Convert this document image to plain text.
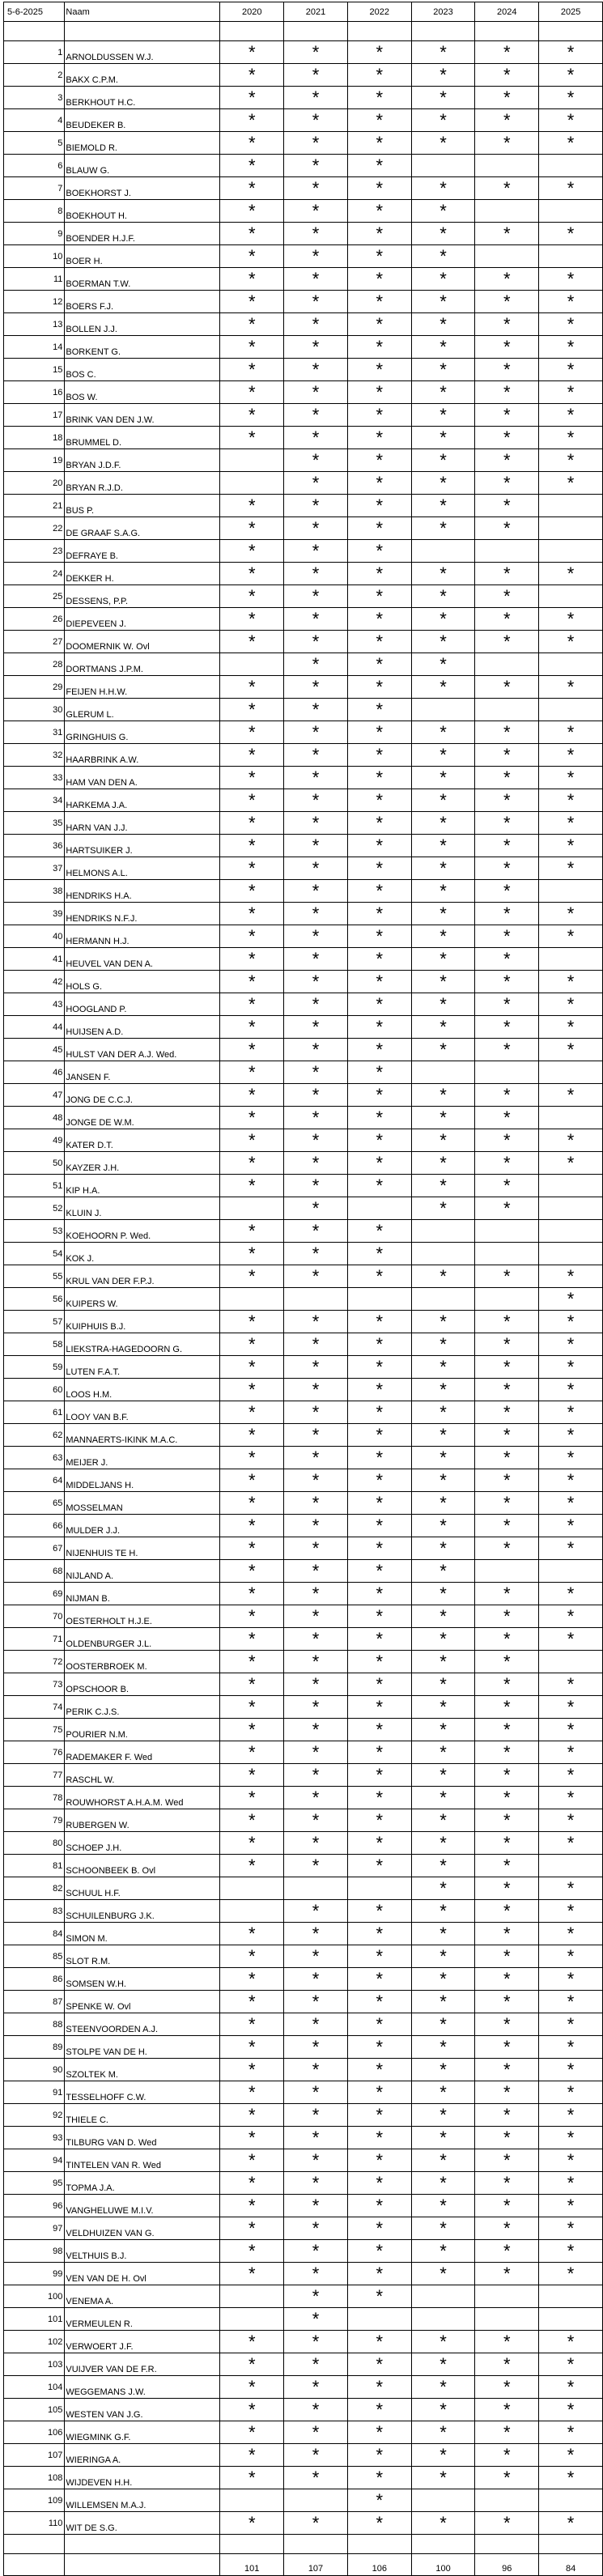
5-6-2025	Naam	2020	2021	2022	2023	2024	2025

1	ARNOLDUSSEN W.J.	*	*	*	*	*	*
2	BAKX C.P.M.	*	*	*	*	*	*
3	BERKHOUT H.C.	*	*	*	*	*	*
4	BEUDEKER B.	*	*	*	*	*	*
5	BIEMOLD R.	*	*	*	*	*	*
6	BLAUW G.	*	*	*			
7	BOEKHORST J.	*	*	*	*	*	*
8	BOEKHOUT H.	*	*	*	*		
9	BOENDER H.J.F.	*	*	*	*	*	*
10	BOER H.	*	*	*	*		
11	BOERMAN T.W.	*	*	*	*	*	*
12	BOERS F.J.	*	*	*	*	*	*
13	BOLLEN J.J.	*	*	*	*	*	*
14	BORKENT G.	*	*	*	*	*	*
15	BOS C.	*	*	*	*	*	*
16	BOS W.	*	*	*	*	*	*
17	BRINK VAN DEN J.W.	*	*	*	*	*	*
18	BRUMMEL D.	*	*	*	*	*	*
19	BRYAN J.D.F.		*	*	*	*	*
20	BRYAN R.J.D.		*	*	*	*	*
21	BUS P.	*	*	*	*	*	
22	DE GRAAF S.A.G.	*	*	*	*	*	
23	DEFRAYE B.	*	*	*			
24	DEKKER H.	*	*	*	*	*	*
25	DESSENS, P.P.	*	*	*	*	*	
26	DIEPEVEEN J.	*	*	*	*	*	*
27	DOOMERNIK W. Ovl	*	*	*	*	*	*
28	DORTMANS J.P.M.		*	*	*		
29	FEIJEN H.H.W.	*	*	*	*	*	*
30	GLERUM L.	*	*	*			
31	GRINGHUIS G.	*	*	*	*	*	*
32	HAARBRINK A.W.	*	*	*	*	*	*
33	HAM VAN DEN A.	*	*	*	*	*	*
34	HARKEMA J.A.	*	*	*	*	*	*
35	HARN VAN J.J.	*	*	*	*	*	*
36	HARTSUIKER J.	*	*	*	*	*	*
37	HELMONS A.L.	*	*	*	*	*	*
38	HENDRIKS H.A.	*	*	*	*	*	
39	HENDRIKS N.F.J.	*	*	*	*	*	*
40	HERMANN H.J.	*	*	*	*	*	*
41	HEUVEL VAN DEN A.	*	*	*	*	*	
42	HOLS G.	*	*	*	*	*	*
43	HOOGLAND P.	*	*	*	*	*	*
44	HUIJSEN A.D.	*	*	*	*	*	*
45	HULST VAN DER A.J. Wed.	*	*	*	*	*	*
46	JANSEN F.	*	*	*			
47	JONG DE C.C.J.	*	*	*	*	*	*
48	JONGE DE W.M.	*	*	*	*	*	
49	KATER D.T.	*	*	*	*	*	*
50	KAYZER J.H.	*	*	*	*	*	*
51	KIP H.A.	*	*	*	*	*	
52	KLUIN J.		*		*	*	
53	KOEHOORN P. Wed.	*	*	*			
54	KOK J.	*	*	*			
55	KRUL VAN DER F.P.J.	*	*	*	*	*	*
56	KUIPERS W.						*
57	KUIPHUIS B.J.	*	*	*	*	*	*
58	LIEKSTRA-HAGEDOORN G.	*	*	*	*	*	*
59	LUTEN F.A.T.	*	*	*	*	*	*
60	LOOS H.M.	*	*	*	*	*	*
61	LOOY VAN B.F.	*	*	*	*	*	*
62	MANNAERTS-IKINK M.A.C.	*	*	*	*	*	*
63	MEIJER J.	*	*	*	*	*	*
64	MIDDELJANS H.	*	*	*	*	*	*
65	MOSSELMAN	*	*	*	*	*	*
66	MULDER J.J.	*	*	*	*	*	*
67	NIJENHUIS TE H.	*	*	*	*	*	*
68	NIJLAND A.	*	*	*	*		
69	NIJMAN B.	*	*	*	*	*	*
70	OESTERHOLT H.J.E.	*	*	*	*	*	*
71	OLDENBURGER J.L.	*	*	*	*	*	*
72	OOSTERBROEK M.	*	*	*	*	*	
73	OPSCHOOR B.	*	*	*	*	*	*
74	PERIK C.J.S.	*	*	*	*	*	*
75	POURIER N.M.	*	*	*	*	*	*
76	RADEMAKER F. Wed	*	*	*	*	*	*
77	RASCHL W.	*	*	*	*	*	*
78	ROUWHORST A.H.A.M. Wed	*	*	*	*	*	*
79	RUBERGEN W.	*	*	*	*	*	*
80	SCHOEP J.H.	*	*	*	*	*	*
81	SCHOONBEEK B. Ovl	*	*	*	*	*	
82	SCHUUL H.F.				*	*	*
83	SCHUILENBURG J.K.		*	*	*	*	*
84	SIMON M.	*	*	*	*	*	*
85	SLOT R.M.	*	*	*	*	*	*
86	SOMSEN W.H.	*	*	*	*	*	*
87	SPENKE W. Ovl	*	*	*	*	*	*
88	STEENVOORDEN A.J.	*	*	*	*	*	*
89	STOLPE VAN DE H.	*	*	*	*	*	*
90	SZOLTEK M.	*	*	*	*	*	*
91	TESSELHOFF C.W.	*	*	*	*	*	*
92	THIELE C.	*	*	*	*	*	*
93	TILBURG VAN D. Wed	*	*	*	*	*	*
94	TINTELEN VAN R. Wed	*	*	*	*	*	*
95	TOPMA J.A.	*	*	*	*	*	*
96	VANGHELUWE M.I.V.	*	*	*	*	*	*
97	VELDHUIZEN VAN G.	*	*	*	*	*	*
98	VELTHUIS B.J.	*	*	*	*	*	*
99	VEN VAN DE H. Ovl	*	*	*	*	*	*
100	VENEMA A.		*	*			
101	VERMEULEN R.		*				
102	VERWOERT J.F.	*	*	*	*	*	*
103	VUIJVER VAN DE F.R.	*	*	*	*	*	*
104	WEGGEMANS J.W.	*	*	*	*	*	*
105	WESTEN VAN J.G.	*	*	*	*	*	*
106	WIEGMINK G.F.	*	*	*	*	*	*
107	WIERINGA A.	*	*	*	*	*	*
108	WIJDEVEN H.H.	*	*	*	*	*	*
109	WILLEMSEN M.A.J.			*			
110	WIT DE S.G.	*	*	*	*	*	*

		101	107	106	100	96	84
